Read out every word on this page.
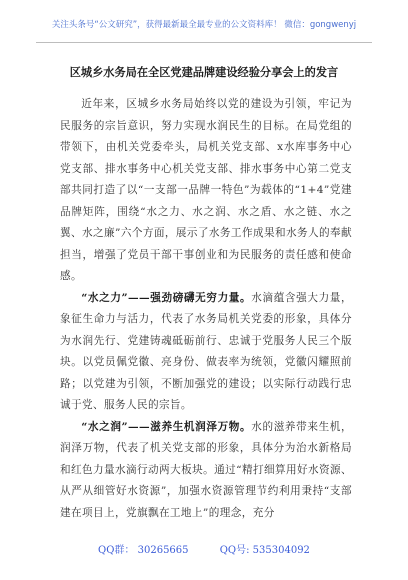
关注头条号“公文研究”，获得最新最全最专业的公文资料库！ 微信：gongwenyj
区城乡水务局在全区党建品牌建设经验分享会上的发言

近年来，区城乡水务局始终以党的建设为引领，牢记为民服务的宗旨意识，努力实现水润民生的目标。在局党组的带领下，由机关党委牵头，局机关党支部、x水库事务中心党支部、排水事务中心机关党支部、排水事务中心第二党支部共同打造了以“一支部一品牌一特色”为载体的“1+4”党建品牌矩阵，围绕“水之力、水之润、水之盾、水之链、水之翼、水之廉”六个方面，展示了水务工作成果和水务人的奉献担当，增强了党员干部干事创业和为民服务的责任感和使命感。

“水之力”——强劲磅礴无穷力量。水滴蕴含强大力量，象征生命力与活力，代表了水务局机关党委的形象，具体分为水润先行、党建铸魂砥砺前行、忠诚于党服务人民三个版块。以党员佩党徽、亮身份、做表率为统领，党徽闪耀照前路；以党建为引领，不断加强党的建设；以实际行动践行忠诚于党、服务人民的宗旨。

“水之润”——滋养生机润泽万物。水的滋养带来生机，润泽万物，代表了机关党支部的形象，具体分为治水新格局和红色力量水滴行动两大板块。通过“精打细算用好水资源、从严从细管好水资源”，加强水资源管理节约利用秉持“支部建在项目上，党旗飘在工地上”的理念，充分

QQ群： 30265665	QQ号: 535304092
